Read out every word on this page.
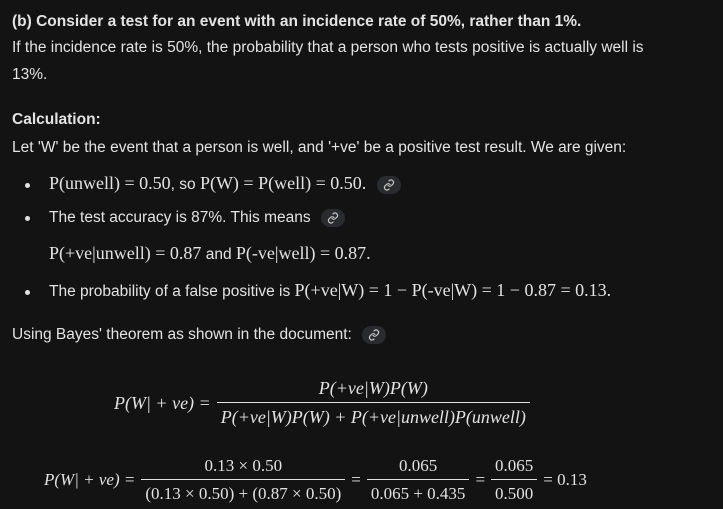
(b) Consider a test for an event with an incidence rate of 50%, rather than 1%.
If the incidence rate is 50%, the probability that a person who tests positive is actually well is
13%.
Calculation:
Let 'W' be the event that a person is well, and '+ve' be a positive test result. We are given:
P(unwell) = 0.50, so P(W) = P(well) = 0.50.
The test accuracy is 87%. This means
P(+ve|unwell) = 0.87 and P(-ve|well) = 0.87.
The probability of a false positive is P(+ve|W) = 1 − P(-ve|W) = 1 − 0.87 = 0.13.
Using Bayes' theorem as shown in the document:
$P(W| + ve) = \frac{P(+ve|W)P(W)}{\text{P(+ve|W)P(W) + P(+ve|unwell)P(unwell)}}$
$P(W| + ve) = \frac{0.13 \times 0.50}{(0.13 \times 0.50) + (0.87 \times 0.50)} = \frac{0.065}{0.065 + 0.435} = \frac{0.065}{0.500} = 0.13$
